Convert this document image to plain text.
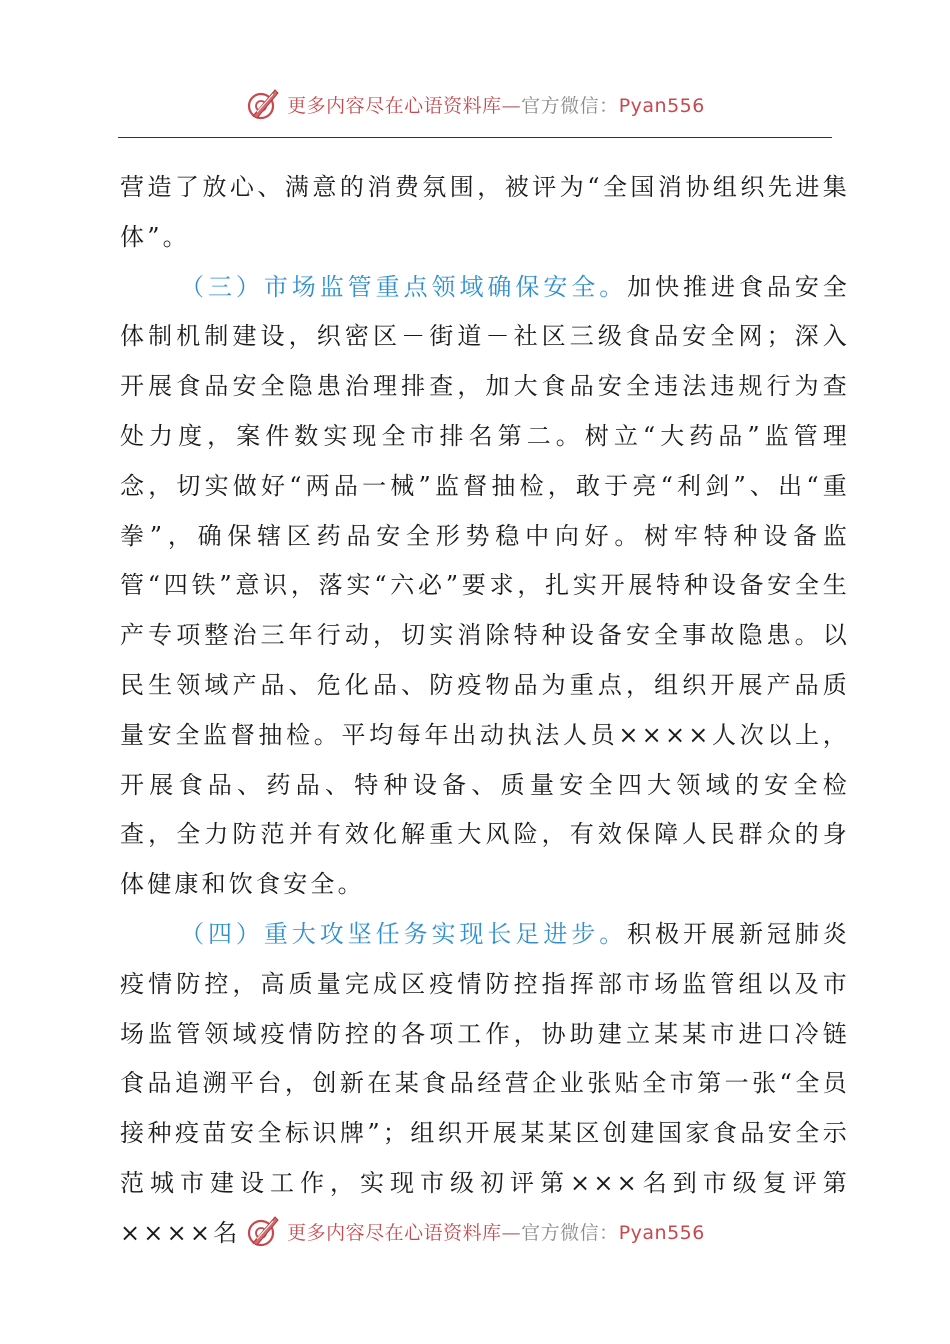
更多内容尽在心语资料库—官方微信：Pyan556

营造了放心、满意的消费氛围，被评为“全国消协组织先进集体”。

（三）市场监管重点领域确保安全。加快推进食品安全体制机制建设，织密区－街道－社区三级食品安全网；深入开展食品安全隐患治理排查，加大食品安全违法违规行为查处力度，案件数实现全市排名第二。树立“大药品”监管理念，切实做好“两品一械”监督抽检，敢于亮“利剑”、出“重拳”，确保辖区药品安全形势稳中向好。树牢特种设备监管“四铁”意识，落实“六必”要求，扎实开展特种设备安全生产专项整治三年行动，切实消除特种设备安全事故隐患。以民生领域产品、危化品、防疫物品为重点，组织开展产品质量安全监督抽检。平均每年出动执法人员××××人次以上，开展食品、药品、特种设备、质量安全四大领域的安全检查，全力防范并有效化解重大风险，有效保障人民群众的身体健康和饮食安全。

（四）重大攻坚任务实现长足进步。积极开展新冠肺炎疫情防控，高质量完成区疫情防控指挥部市场监管组以及市场监管领域疫情防控的各项工作，协助建立某某市进口冷链食品追溯平台，创新在某食品经营企业张贴全市第一张“全员接种疫苗安全标识牌”；组织开展某某区创建国家食品安全示范城市建设工作，实现市级初评第×××名到市级复评第××××名	更多内容尽在心语资料库—官方微信：Pyan556
